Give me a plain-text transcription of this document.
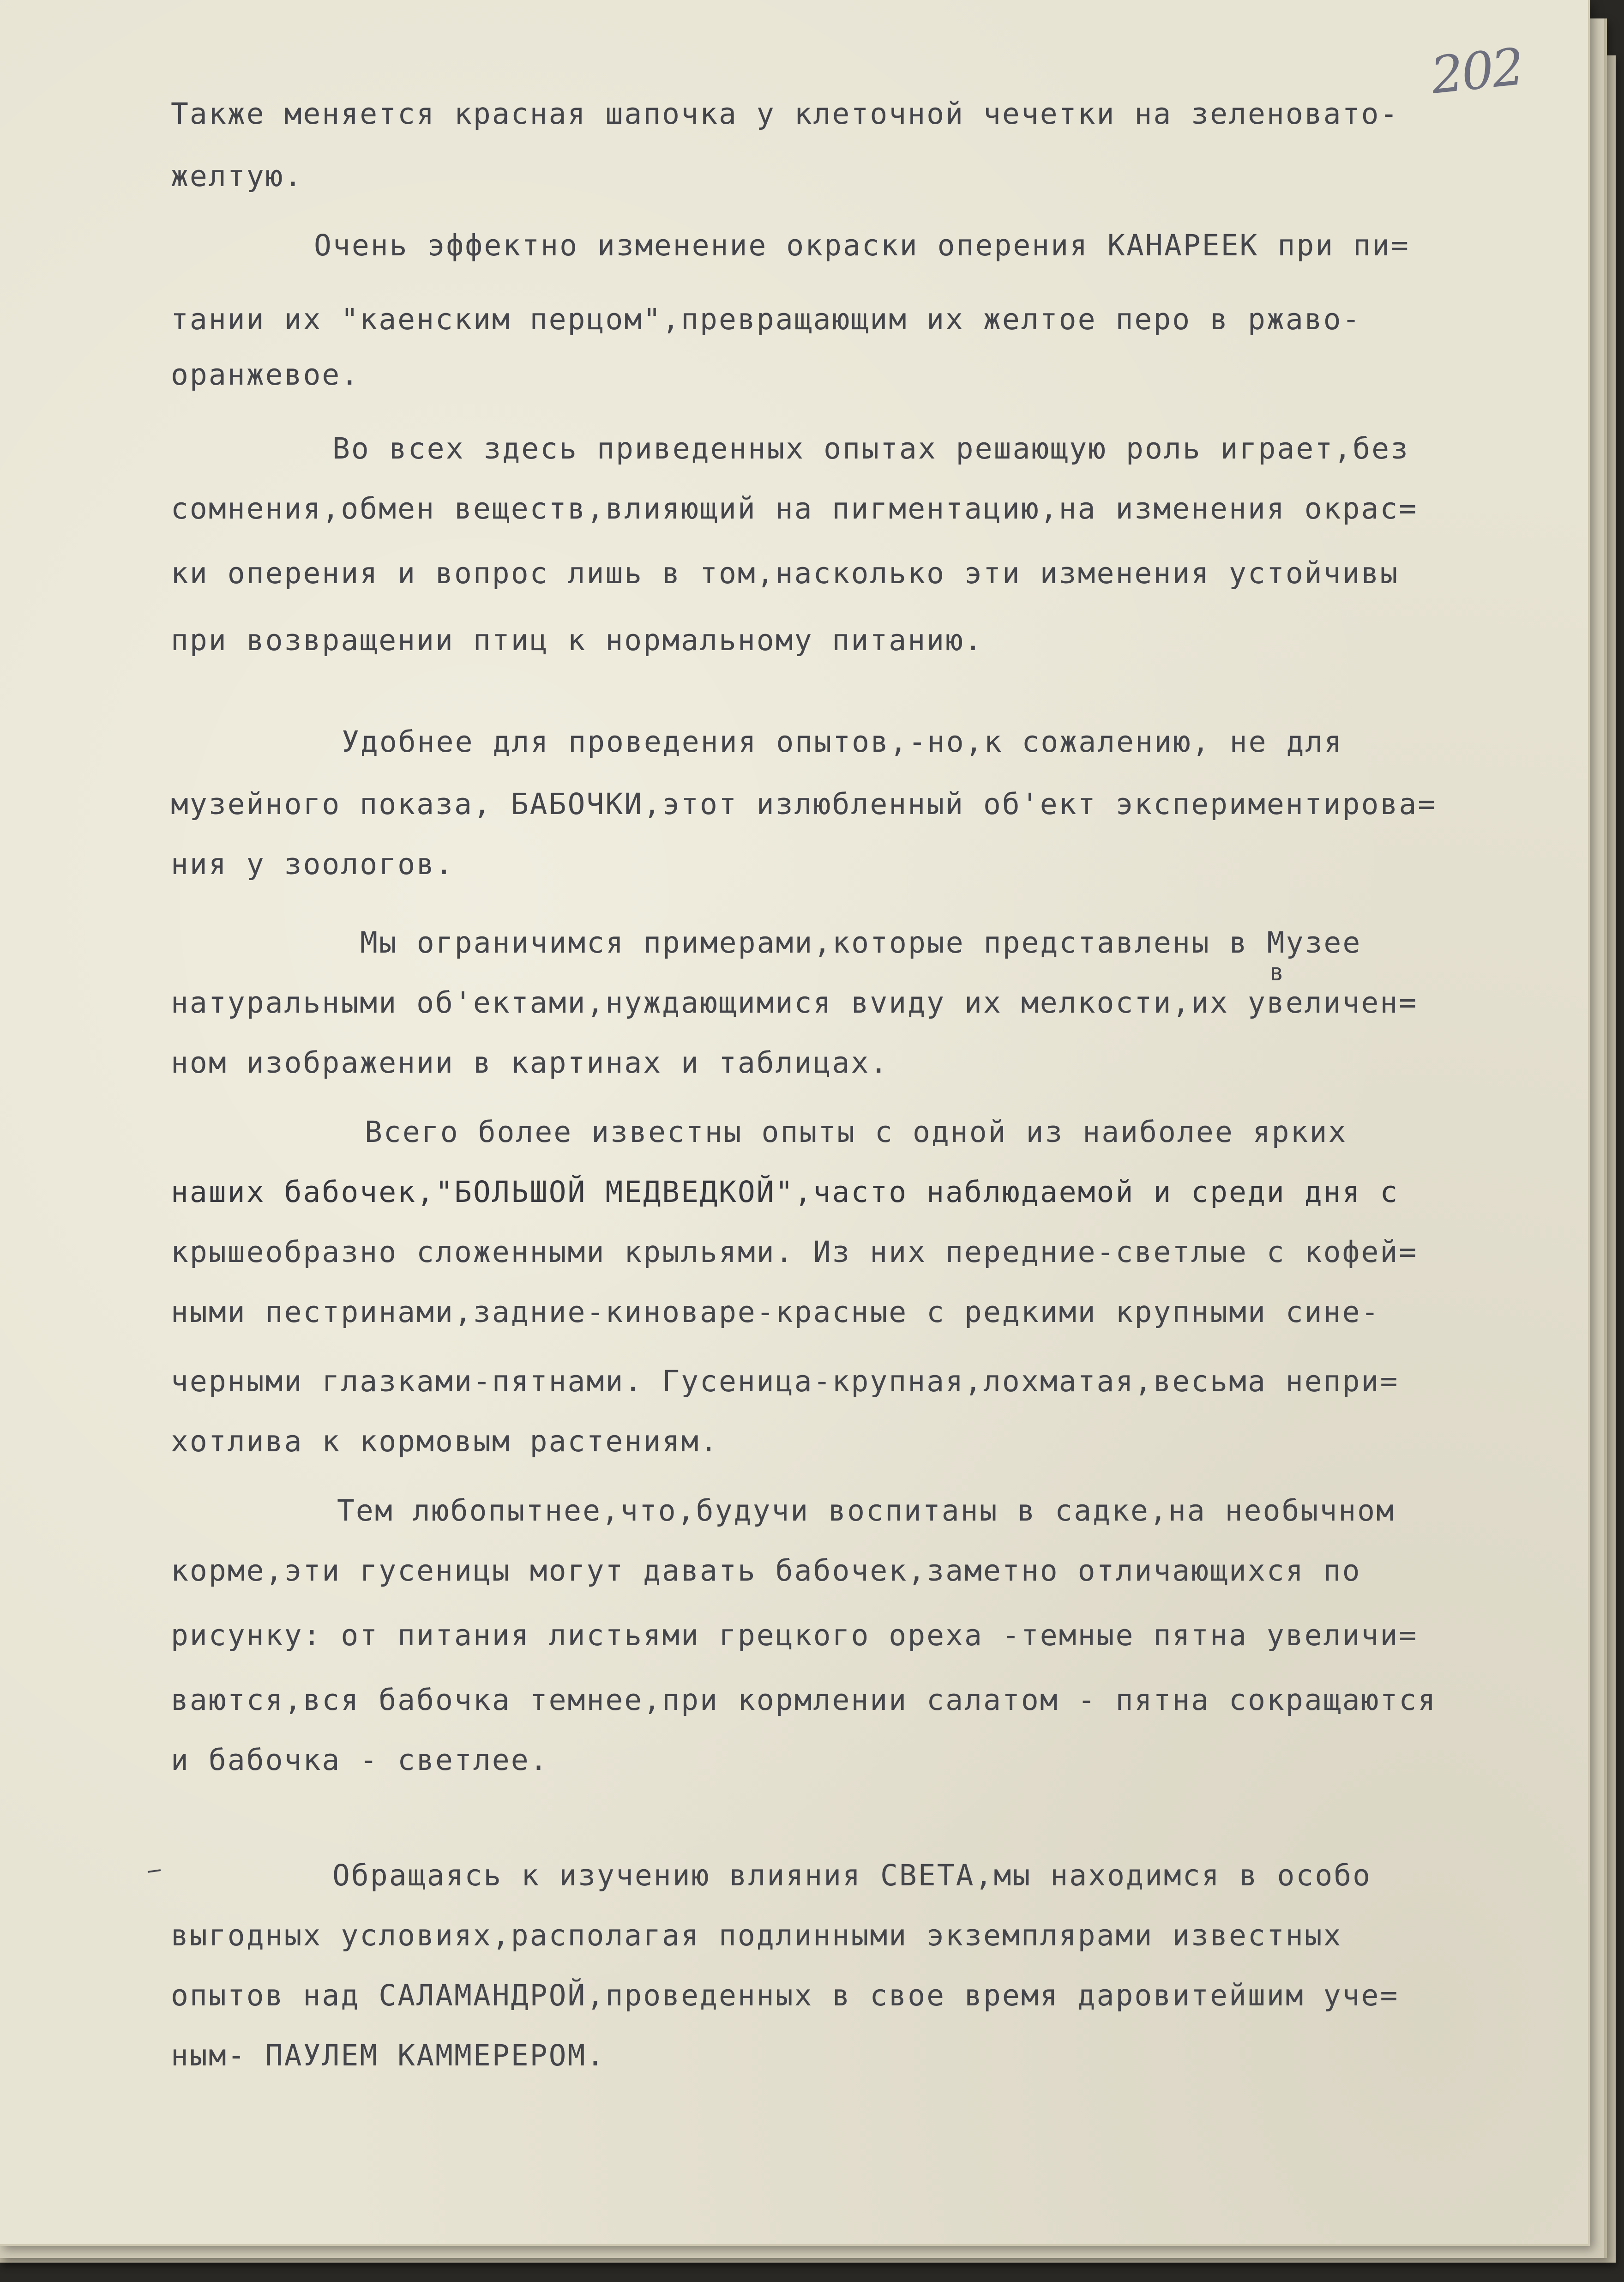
202
Также меняется красная шапочка у клеточной чечетки на зеленовато-
желтую.
Очень эффектно изменение окраски оперения КАНАРЕЕК при пи=
тании их "каенским перцом",превращающим их желтое перо в ржаво-
оранжевое.
Во всех здесь приведенных опытах решающую роль играет,без
сомнения,обмен веществ,влияющий на пигментацию,на изменения окрас=
ки оперения и вопрос лишь в том,насколько эти изменения устойчивы
при возвращении птиц к нормальному питанию.
Удобнее для проведения опытов,-но,к сожалению, не для
музейного показа, БАБОЧКИ,этот излюбленный об'ект экспериментирова=
ния у зоологов.
Мы ограничимся примерами,которые представлены в Музее
в
натуральными об'ектами,нуждающимися вvиду их мелкости,их увеличен=
ном изображении в картинах и таблицах.
Всего более известны опыты с одной из наиболее ярких
наших бабочек,"БОЛЬШОЙ МЕДВЕДКОЙ",часто наблюдаемой и среди дня с
крышеобразно сложенными крыльями. Из них передние-светлые с кофей=
ными пестринами,задние-киноваре-красные с редкими крупными сине-
черными глазками-пятнами. Гусеница-крупная,лохматая,весьма непри=
хотлива к кормовым растениям.
Тем любопытнее,что,будучи воспитаны в садке,на необычном
корме,эти гусеницы могут давать бабочек,заметно отличающихся по
рисунку: от питания листьями грецкого ореха -темные пятна увеличи=
ваются,вся бабочка темнее,при кормлении салатом - пятна сокращаются
и бабочка - светлее.
Обращаясь к изучению влияния СВЕТА,мы находимся в особо
выгодных условиях,располагая подлинными экземплярами известных
опытов над САЛАМАНДРОЙ,проведенных в свое время даровитейшим уче=
ным- ПАУЛЕМ КАММЕРЕРОМ.
